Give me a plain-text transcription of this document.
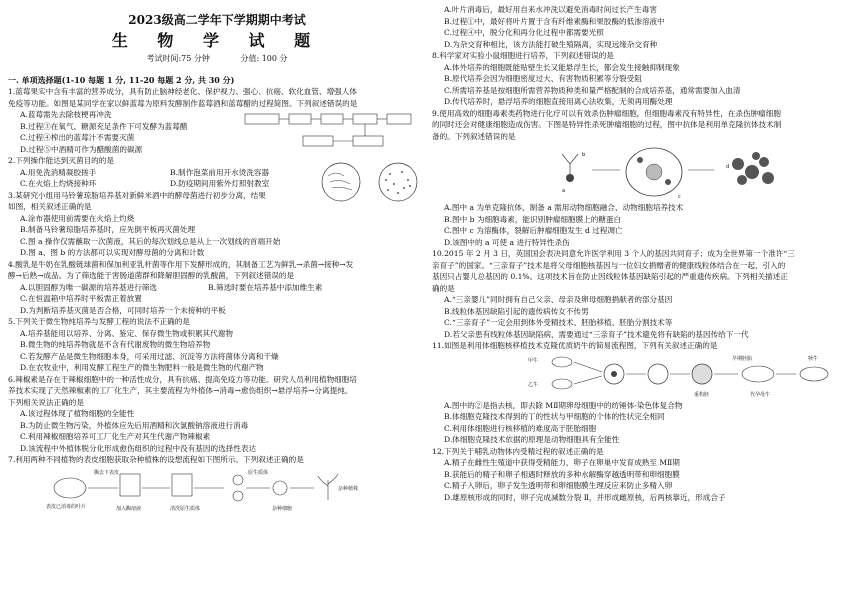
2023级高二学年下学期期中考试
生 物 学 试 题
考试时间:75 分钟	分值: 100 分
一. 单项选择题(1-10 每题 1 分, 11-20 每题 2 分, 共 30 分)
1.蓝莓果实中含有丰富的营养成分，具有防止脑神经老化、保护视力、强心、抗癌、软化血管、增强人体
免疫等功能。如图是某同学在家以鲜蓝莓为原料发酵制作蓝莓酒和蓝莓醋的过程简图。下列叙述错误的是
A.蓝莓需先去除枝梗再冲洗
B.过程③在氧气、糖源充足条件下可发酵为蓝莓醋
C.过程④榨出的蓝莓汁不需要灭菌
D.过程⑤中酒精可作为醋酸菌的碳源
2.下列操作能达到灭菌目的的是
A.用免洗消精凝胶搓手	B.制作泡菜前用开水烫洗容器
C.在火焰上灼烧接种环	D.防疫期间用紫外灯照射教室
3.某研究小组用马铃薯琼脂培养基对新鲜米酒中的酵母菌进行初步分离，结果
如图，相关叙述正确的是
A.涂布器使用前需要在火焰上灼烧
B.制备马铃薯琼脂培养基时，应先倒平板再灭菌处理
C.图 a 操作仅需蘸取一次菌液，其后的每次划线总是从上一次划线的首端开始
D.图 a、图 b 的方法都可以实现对酵母菌的分离和计数
4.酸乳是牛奶在乳酸链球菌和保加利亚乳杆菌等作用下发酵形成的，其制备工艺为鲜乳→杀菌→接种→发
酵→后熟→成品。为了筛选能于害肠道菌群和降解胆固醇的乳酸菌，下列叙述错误的是
A.以胆固醇为唯一碳源的培养基进行筛选	B.筛选时要在培养基中添加维生素
C.在恒温箱中培养时平板需正着放置
D.为判断培养基灭菌是否合格，可同时培养一个未接种的平板
5.下列关于微生物纯培养与发酵工程的说法不正确的是
A.培养基能用以培养、分离、鉴定、保存微生物或积累其代谢物
B.微生物的纯培养物就是不含有代谢废物的微生物培养物
C.若发酵产品是微生物细胞本身，可采用过滤、沉淀等方法将菌体分离和干燥
D.在农牧业中，利用发酵工程生产的微生物肥料一般是微生物的代谢产物
6.辣椒素是存在于辣椒细胞中的一种活性成分，具有抗癌、提高免疫力等功能。研究人员利用植物细胞培
养技术实现了天然辣椒素的工厂化生产，其主要流程为外植体→消毒→愈伤组织→悬浮培养→分离提纯。
下列相关说法正确的是
A.该过程体现了植物细胞的全能性
B.为防止微生物污染，外植体应先后用酒精和次氯酸钠溶液进行消毒
C.利用辣椒细胞培养可工厂化生产对其生代谢产物辣椒素
D.该流程中外植体脱分化形成愈伤组织的过程中没有基因的选择性表达
7.利用两种不同植物的表皮细胞获取杂种植株的设想流程如下图所示。下列叙述正确的是
表皮已消毒的叶片
撕去下表皮
加入酶溶液	清洗原生质体
原生质体
杂种细胞
杂种植株
A.叶片消毒后，最好用自来水冲洗以避免消毒时间过长产生毒害
B.过程①中，最好将叶片置于含有纤维素酶和果胶酶的低渗溶液中
C.过程④中，脱分化和再分化过程中都需要光照
D.为杂交育种相比，该方法能打破生殖隔离，实现远缘杂交育种
8.科学家对实验小鼠细胞进行培养，下列叙述错误的是
A.体外培养的细胞既能贴壁生长又能悬浮生长，都会发生接触抑制现象
B.原代培养会因为细胞密度过大、有害物质积累等分裂受阻
C.所需培养基是按细胞所需营养物质种类和量严格配制的合成培养基，通常需要加入血清
D.传代培养时，悬浮培养的细胞直接用离心法收集，无须再用酶处理
9.使用高效的细胞毒素类药物进行化疗可以有效杀伤肿瘤细胞，但细胞毒素没有特异性，在杀伤肿瘤细胞
的同时还会对健康细胞造成伤害。下图是特异性杀死肿瘤细胞的过程，图中抗体是利用单克隆抗体技术制
备的。下列叙述错误的是
a
b
c
d
A.图中 a 为单克隆抗体，制备 a 需用动物细胞融合、动物细胞培养技术
B.图中 b 为细胞毒素，能识别肿瘤细胞膜上的糖蛋白
C.图中 c 为溶酶体，裂解后肿瘤细胞发生 d 过程凋亡
D.该图中的 a 可使 a 进行特异性杀伤
10.2015 年 2 月 3 日，英国国会表决同意允许医学利用 3 个人的基因共同育子；成为全世界第一个准许“三
亲育子”的国家。“三亲育子”技术是将父母细胞核基因与一位妇女捐赠者的健康线粒体结合在一起，引入的
基因只占婴儿总基因的 0.1%。这项技术旨在防止因线粒体基因缺陷引起的严重遗传疾病。下列相关描述正
确的是
A.“三亲婴儿”同时拥有自己父亲、母亲及卵母细胞捐献者的部分基因
B.线粒体基因缺陷引起的遗传病传女不传男
C.“三亲育子”一定会用到体外受精技术、胚胎移植、胚胎分割技术等
D.若父亲患有线粒体基因缺陷病，需要通过“三亲育子”技术避免将有缺陷的基因传给下一代
11.如图是利用体细胞核移植技术克隆优质奶牛的简易流程图，下列有关叙述正确的是
甲牛
乙牛
重构胚
早期胚胎
代孕母牛
犊牛
A.图中的②是指去核，即去除 MⅡ期卵母细胞中的纺锤体-染色体复合物
B.体细胞克隆技术得到的丁的性状与甲细胞的个体的性状完全相同
C.利用体细胞进行核移植的难度高于胚胎细胞
D.体细胞克隆技术依据的原理是动物细胞具有全能性
12.下列关于哺乳动物体内受精过程的叙述正确的是
A.精子在雌性生殖道中获得受精能力，卵子在卵巢中发育成熟至 MⅡ期
B.获能后的精子和卵子相遇时释放的多种水解酶穿越透明带和卵细胞膜
C.精子入卵后，卵子发生透明带和卵细胞膜生理反应来防止多精入卵
D.雄原核形成的同时，卵子完成减数分裂 Ⅱ，并形成雌原核，后两核靠近，形成合子
